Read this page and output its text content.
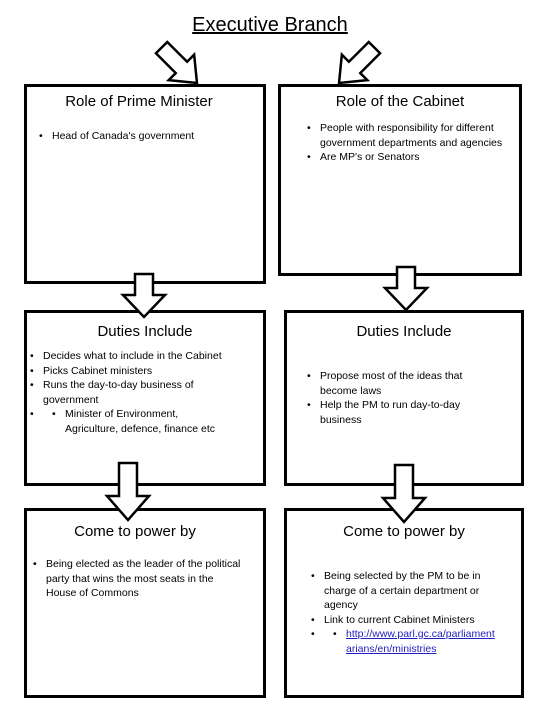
Executive Branch
Role of Prime Minister
• Head of Canada's government
Duties Include
• Decides what to include in the Cabinet
• Picks Cabinet ministers
• Runs the day-to-day business of government
• • Minister of Environment, Agriculture, defence, finance etc
Come to power by
• Being elected as the leader of the political party that wins the most seats in the House of Commons
Role of the Cabinet
• People with responsibility for different government departments and agencies
• Are MP's or Senators
Duties Include
• Propose most of the ideas that become laws
• Help the PM to run day-to-day business
Come to power by
• Being selected by the PM to be in charge of a certain department or agency
• Link to current Cabinet Ministers
• • http://www.parl.gc.ca/parliamentarians/en/ministries
